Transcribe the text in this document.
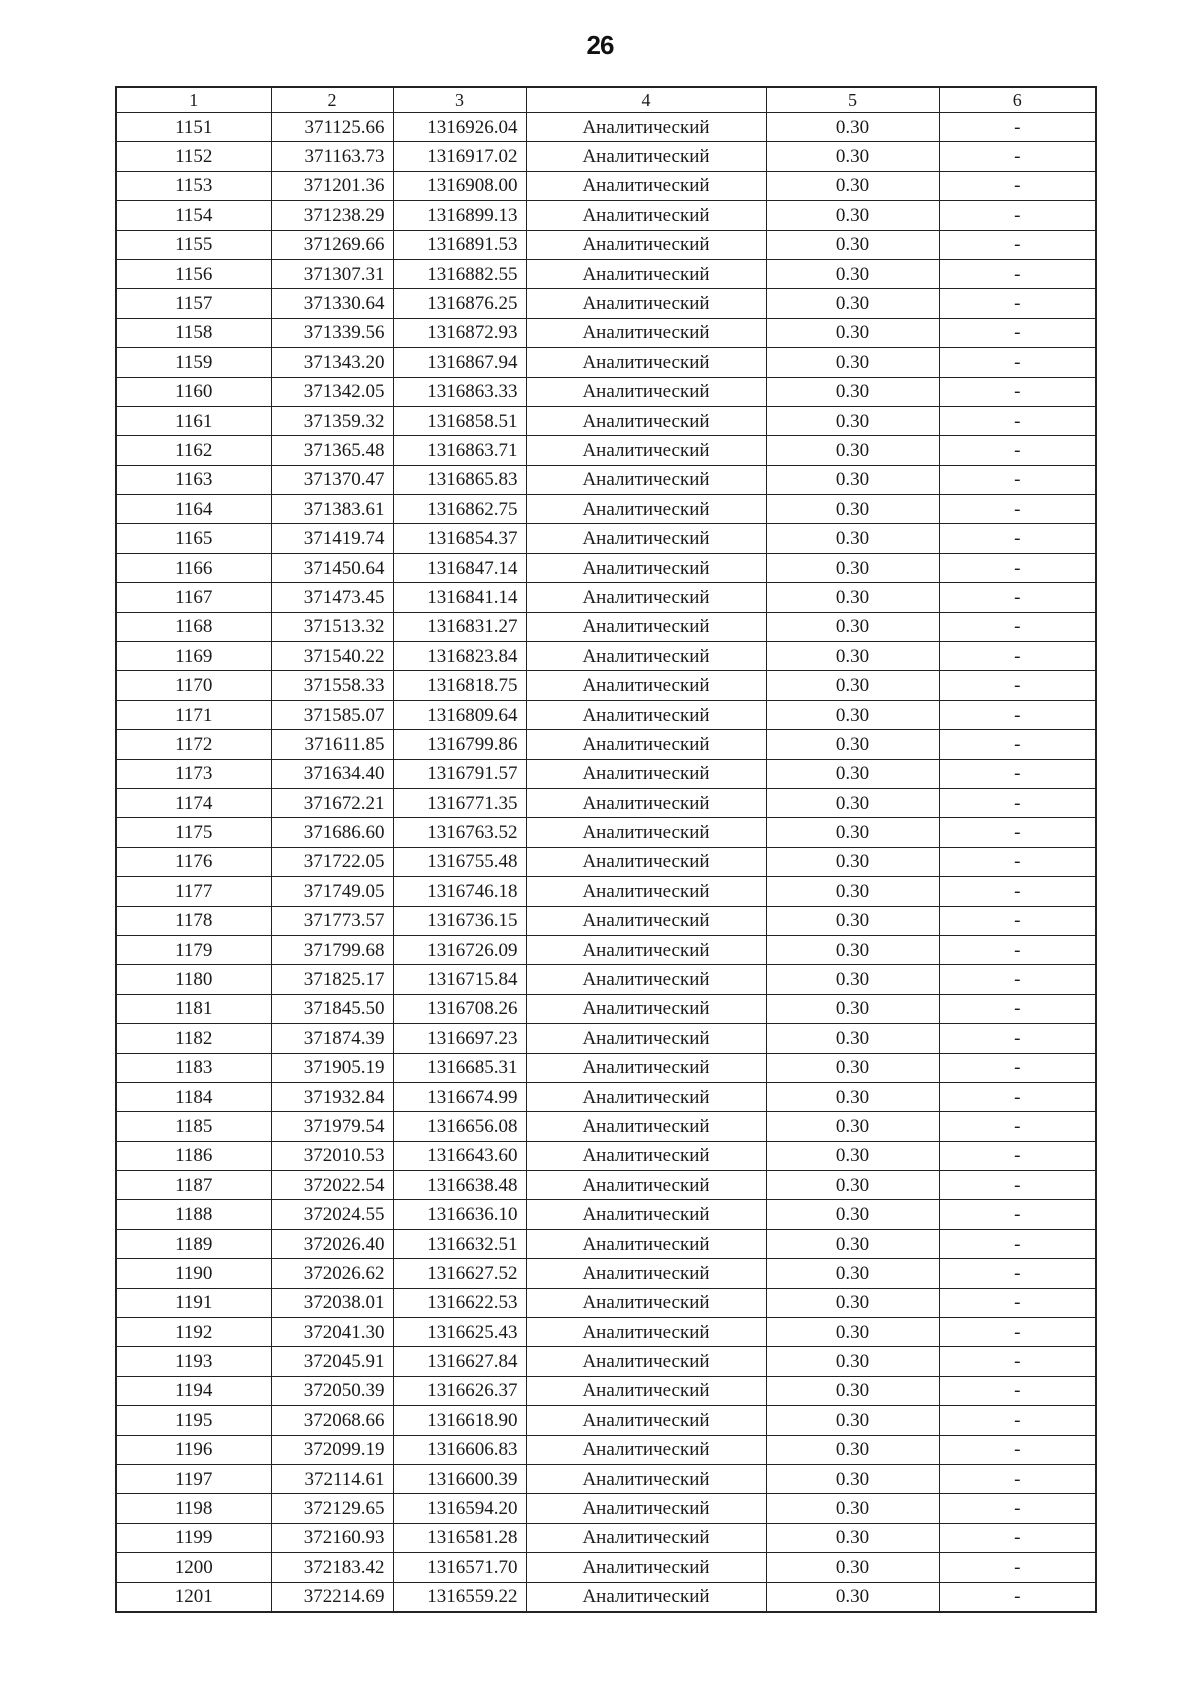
26
1	2	3	4	5	6
1151	371125.66	1316926.04	Аналитический	0.30	-
1152	371163.73	1316917.02	Аналитический	0.30	-
1153	371201.36	1316908.00	Аналитический	0.30	-
1154	371238.29	1316899.13	Аналитический	0.30	-
1155	371269.66	1316891.53	Аналитический	0.30	-
1156	371307.31	1316882.55	Аналитический	0.30	-
1157	371330.64	1316876.25	Аналитический	0.30	-
1158	371339.56	1316872.93	Аналитический	0.30	-
1159	371343.20	1316867.94	Аналитический	0.30	-
1160	371342.05	1316863.33	Аналитический	0.30	-
1161	371359.32	1316858.51	Аналитический	0.30	-
1162	371365.48	1316863.71	Аналитический	0.30	-
1163	371370.47	1316865.83	Аналитический	0.30	-
1164	371383.61	1316862.75	Аналитический	0.30	-
1165	371419.74	1316854.37	Аналитический	0.30	-
1166	371450.64	1316847.14	Аналитический	0.30	-
1167	371473.45	1316841.14	Аналитический	0.30	-
1168	371513.32	1316831.27	Аналитический	0.30	-
1169	371540.22	1316823.84	Аналитический	0.30	-
1170	371558.33	1316818.75	Аналитический	0.30	-
1171	371585.07	1316809.64	Аналитический	0.30	-
1172	371611.85	1316799.86	Аналитический	0.30	-
1173	371634.40	1316791.57	Аналитический	0.30	-
1174	371672.21	1316771.35	Аналитический	0.30	-
1175	371686.60	1316763.52	Аналитический	0.30	-
1176	371722.05	1316755.48	Аналитический	0.30	-
1177	371749.05	1316746.18	Аналитический	0.30	-
1178	371773.57	1316736.15	Аналитический	0.30	-
1179	371799.68	1316726.09	Аналитический	0.30	-
1180	371825.17	1316715.84	Аналитический	0.30	-
1181	371845.50	1316708.26	Аналитический	0.30	-
1182	371874.39	1316697.23	Аналитический	0.30	-
1183	371905.19	1316685.31	Аналитический	0.30	-
1184	371932.84	1316674.99	Аналитический	0.30	-
1185	371979.54	1316656.08	Аналитический	0.30	-
1186	372010.53	1316643.60	Аналитический	0.30	-
1187	372022.54	1316638.48	Аналитический	0.30	-
1188	372024.55	1316636.10	Аналитический	0.30	-
1189	372026.40	1316632.51	Аналитический	0.30	-
1190	372026.62	1316627.52	Аналитический	0.30	-
1191	372038.01	1316622.53	Аналитический	0.30	-
1192	372041.30	1316625.43	Аналитический	0.30	-
1193	372045.91	1316627.84	Аналитический	0.30	-
1194	372050.39	1316626.37	Аналитический	0.30	-
1195	372068.66	1316618.90	Аналитический	0.30	-
1196	372099.19	1316606.83	Аналитический	0.30	-
1197	372114.61	1316600.39	Аналитический	0.30	-
1198	372129.65	1316594.20	Аналитический	0.30	-
1199	372160.93	1316581.28	Аналитический	0.30	-
1200	372183.42	1316571.70	Аналитический	0.30	-
1201	372214.69	1316559.22	Аналитический	0.30	-
